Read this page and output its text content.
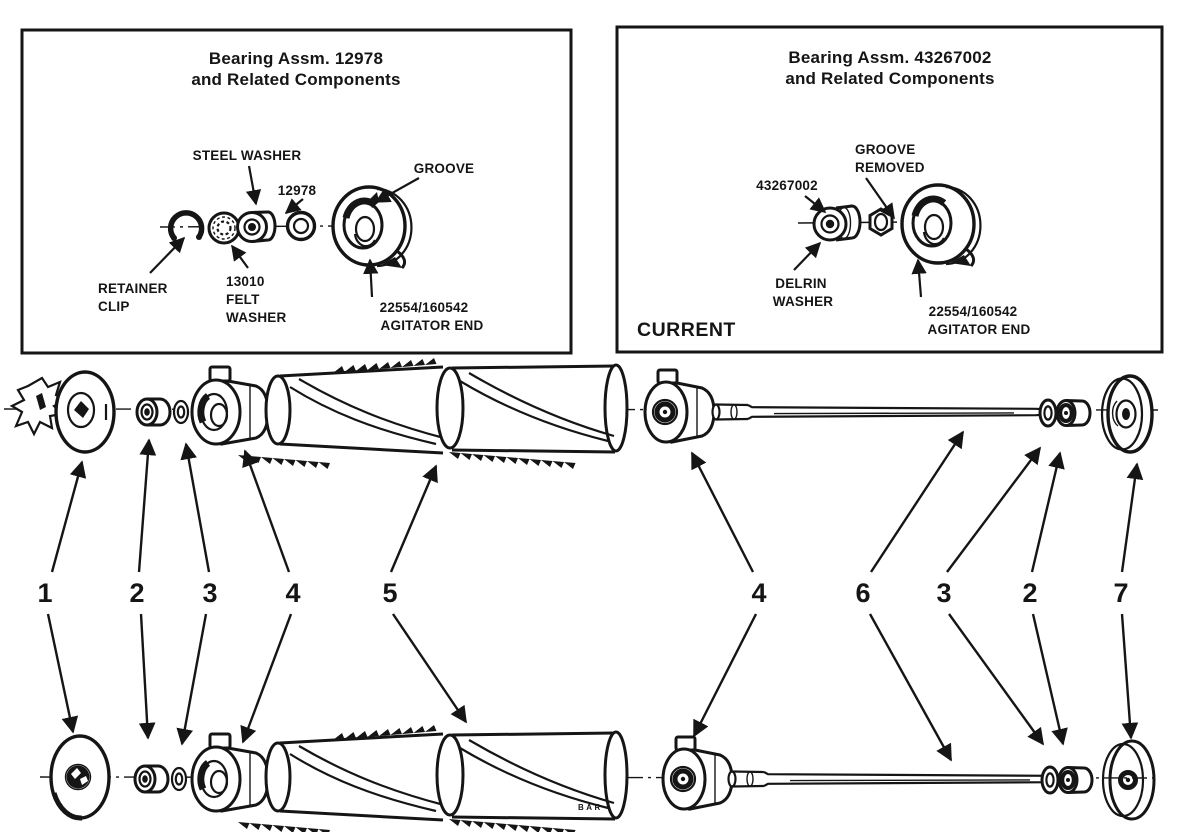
Bearing Assm. 12978
and Related Components
STEEL WASHER
12978
GROOVE
RETAINER
CLIP
13010
FELT
WASHER
22554/160542
AGITATOR END
Bearing Assm. 43267002
and Related Components
GROOVE
REMOVED
43267002
DELRIN
WASHER
CURRENT
22554/160542
AGITATOR END
BAR
1	2 3	4	5	4	6 3	2	7
